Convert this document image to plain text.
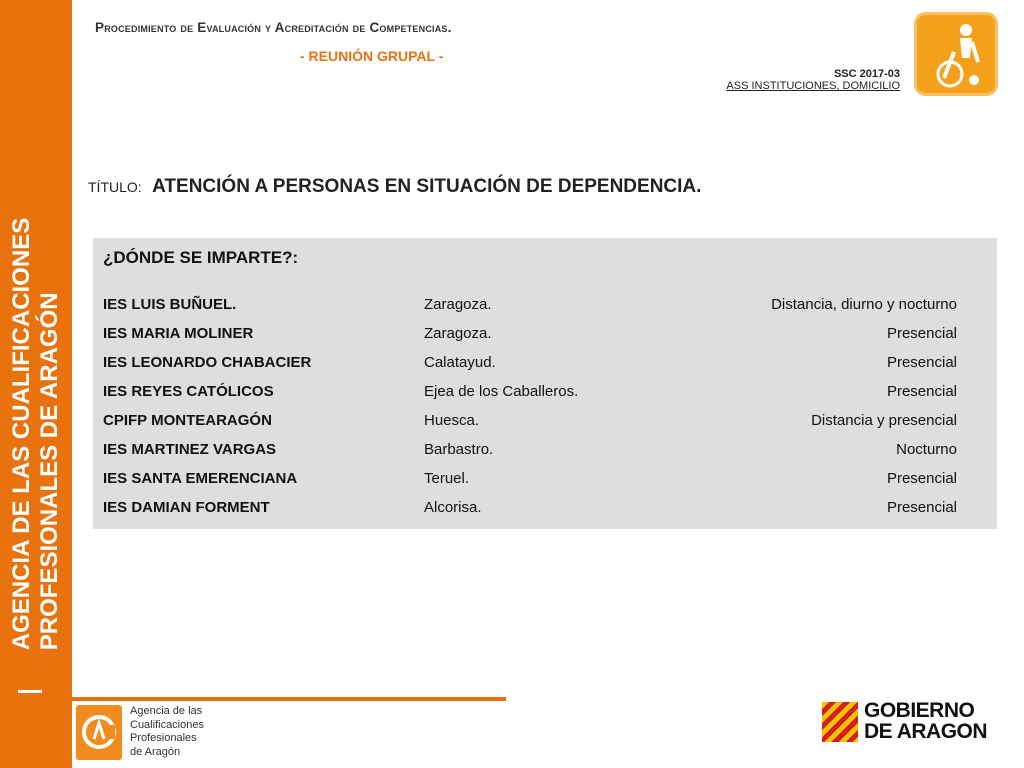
AGENCIA DE LAS CUALIFICACIONES PROFESIONALES DE ARAGÓN
Procedimiento de Evaluación y Acreditación de Competencias.
- REUNIÓN GRUPAL -
SSC 2017-03
ASS INSTITUCIONES, DOMICILIO
TÍTULO: ATENCIÓN A PERSONAS EN SITUACIÓN DE DEPENDENCIA.
¿DÓNDE SE IMPARTE?:
IES LUIS BUÑUEL.	Zaragoza.	Distancia, diurno y nocturno
IES MARIA MOLINER	Zaragoza.	Presencial
IES LEONARDO CHABACIER	Calatayud.	Presencial
IES REYES CATÓLICOS	Ejea de los Caballeros.	Presencial
CPIFP MONTEARAGÓN	Huesca.	Distancia y presencial
IES MARTINEZ VARGAS	Barbastro.	Nocturno
IES SANTA EMERENCIANA	Teruel.	Presencial
IES DAMIAN FORMENT	Alcorisa.	Presencial
Agencia de las
Cualificaciones
Profesionales
de Aragón
GOBIERNO
DE ARAGON
